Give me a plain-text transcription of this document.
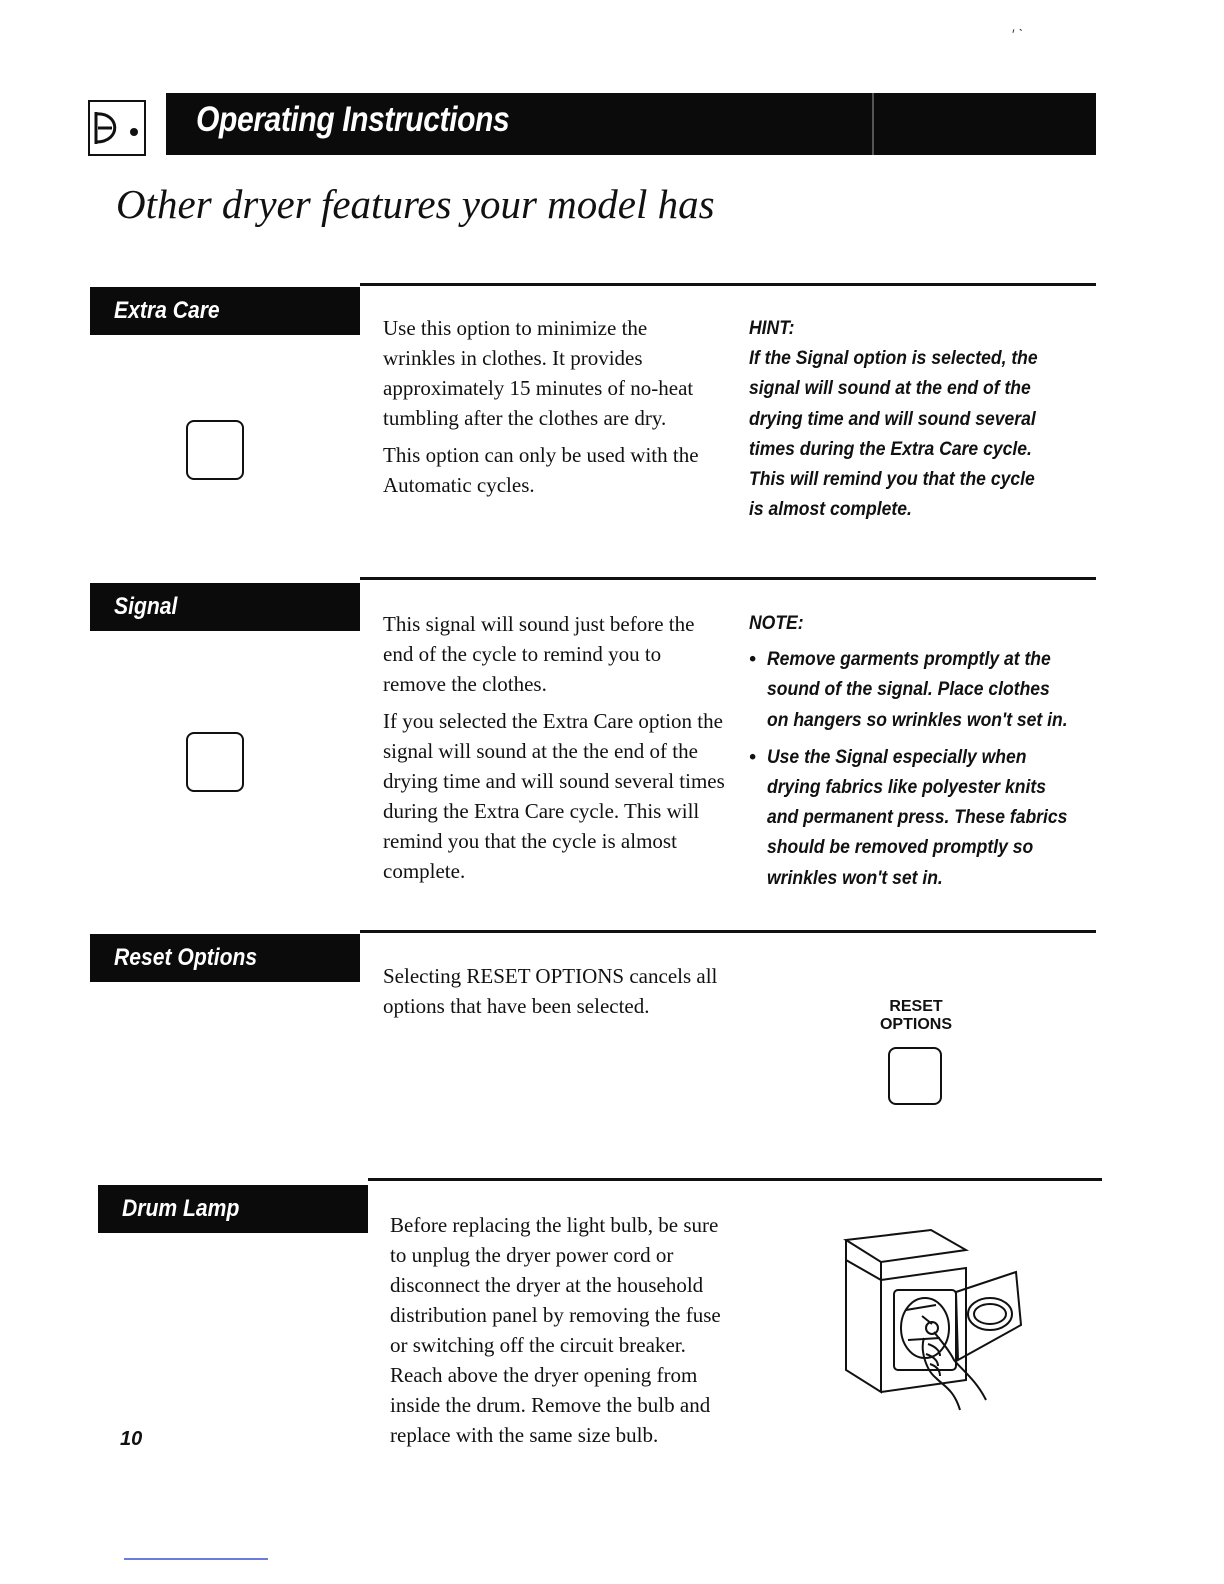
′ ˋ
Operating Instructions
Other dryer features your model has
Extra Care

Use this option to minimize the wrinkles in clothes. It provides approximately 15 minutes of no-heat tumbling after the clothes are dry.

This option can only be used with the Automatic cycles.

HINT:
If the Signal option is selected, the
signal will sound at the end of the
drying time and will sound several
times during the Extra Care cycle.
This will remind you that the cycle
is almost complete.
Signal

This signal will sound just before the end of the cycle to remind you to remove the clothes.

If you selected the Extra Care option the signal will sound at the the end of the drying time and will sound several times during the Extra Care cycle. This will remind you that the cycle is almost complete.

NOTE:
• Remove garments promptly at the
sound of the signal. Place clothes
on hangers so wrinkles won't set in.
• Use the Signal especially when
drying fabrics like polyester knits
and permanent press. These fabrics
should be removed promptly so
wrinkles won't set in.
Reset Options

Selecting RESET OPTIONS cancels all options that have been selected.	RESET
OPTIONS
Drum Lamp

Before replacing the light bulb, be sure to unplug the dryer power cord or disconnect the dryer at the household distribution panel by removing the fuse or switching off the circuit breaker. Reach above the dryer opening from inside the drum. Remove the bulb and replace with the same size bulb.

10
